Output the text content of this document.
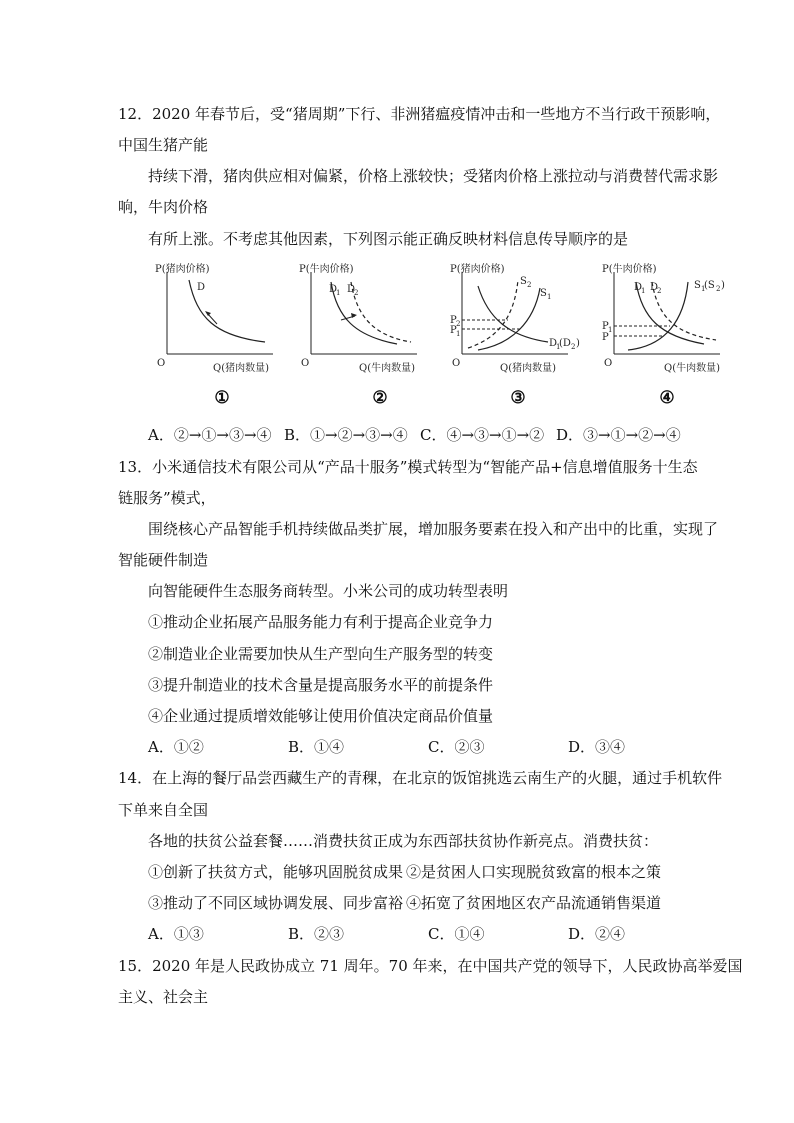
12．2020 年春节后，受“猪周期”下行、非洲猪瘟疫情冲击和一些地方不当行政干预影响，
中国生猪产能
持续下滑，猪肉供应相对偏紧，价格上涨较快；受猪肉价格上涨拉动与消费替代需求影
响，牛肉价格
有所上涨。不考虑其他因素，下列图示能正确反映材料信息传导顺序的是
P(猪肉价格)
O	Q(猪肉数量)
D
①
P(牛肉价格)
O	Q(牛肉数量)
D
1 D
2
②
P(猪肉价格)
O	Q(猪肉数量)
P 2
P 1
S 2
S 1
D
1
(D 2 )
③
P(牛肉价格)
O	Q(牛肉数量)
P 1
P
D
1 D
2	S 1
(S 2 )
④
A．②→①→③→④ B．①→②→③→④ C．④→③→①→② D．③→①→②→④
13．小米通信技术有限公司从“产品十服务”模式转型为“智能产品+信息增值服务十生态
链服务”模式，
围绕核心产品智能手机持续做品类扩展，增加服务要素在投入和产出中的比重，实现了
智能硬件制造
向智能硬件生态服务商转型。小米公司的成功转型表明
①推动企业拓展产品服务能力有利于提高企业竞争力
②制造业企业需要加快从生产型向生产服务型的转变
③提升制造业的技术含量是提高服务水平的前提条件
④企业通过提质增效能够让使用价值决定商品价值量
A．①②	B．①④	C．②③	D．③④
14．在上海的餐厅品尝西藏生产的青稞，在北京的饭馆挑选云南生产的火腿，通过手机软件
下单来自全国
各地的扶贫公益套餐……消费扶贫正成为东西部扶贫协作新亮点。消费扶贫：
①创新了扶贫方式，能够巩固脱贫成果 ②是贫困人口实现脱贫致富的根本之策
③推动了不同区域协调发展、同步富裕 ④拓宽了贫困地区农产品流通销售渠道
A．①③	B．②③	C．①④	D．②④
15．2020 年是人民政协成立 71 周年。70 年来，在中国共产党的领导下，人民政协高举爱国
主义、社会主
